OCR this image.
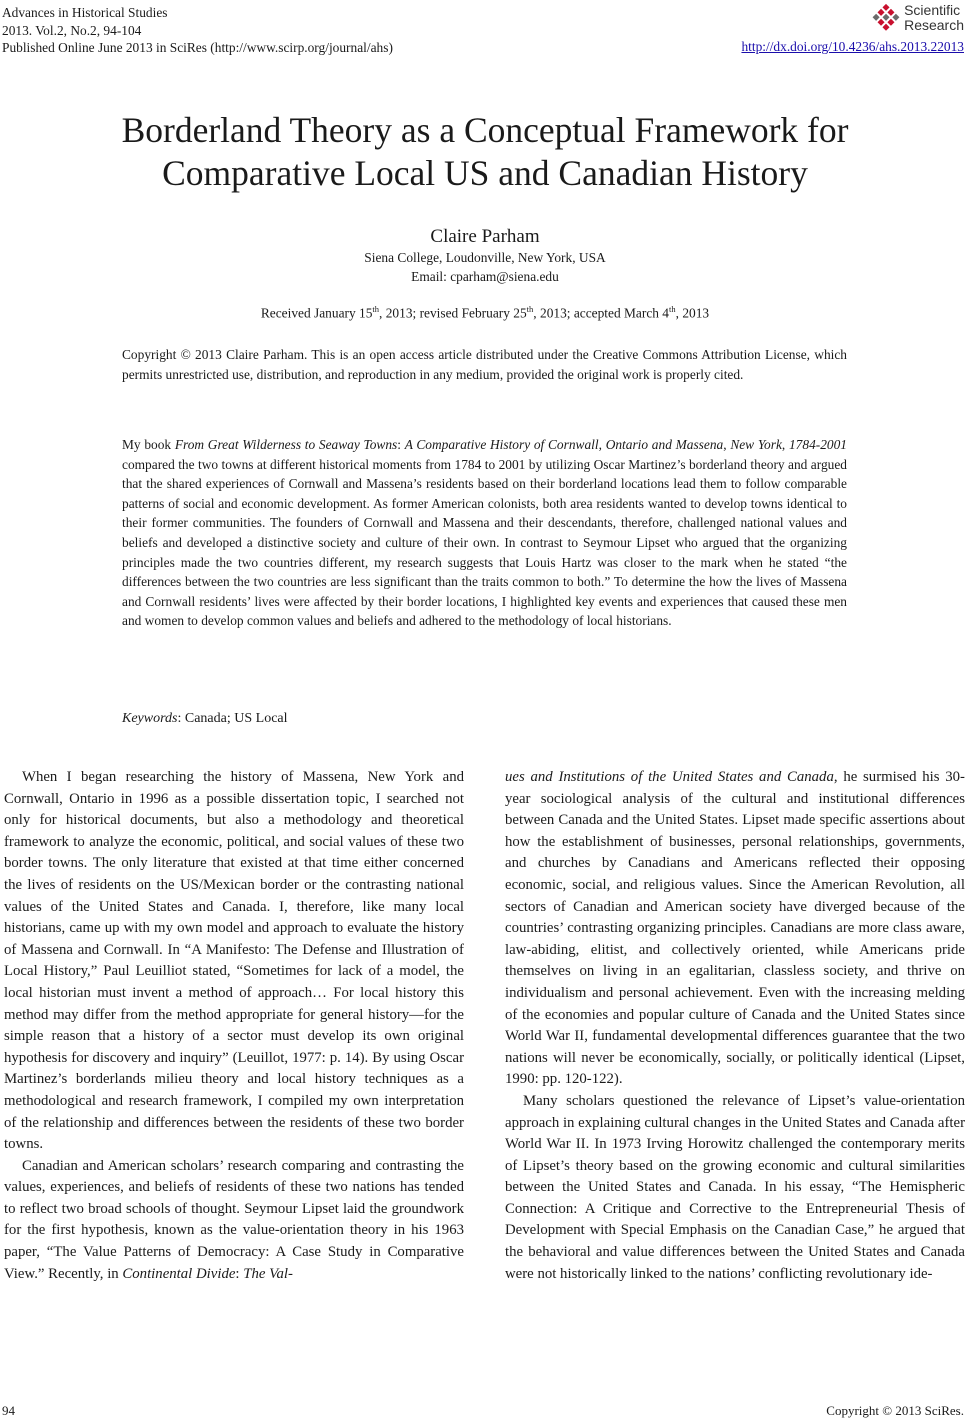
Advances in Historical Studies
2013. Vol.2, No.2, 94-104
Published Online June 2013 in SciRes (http://www.scirp.org/journal/ahs)
Scientific
Research
http://dx.doi.org/10.4236/ahs.2013.22013
Borderland Theory as a Conceptual Framework for
Comparative Local US and Canadian History
Claire Parham
Siena College, Loudonville, New York, USA
Email: cparham@siena.edu
Received January 15th, 2013; revised February 25th, 2013; accepted March 4th, 2013
Copyright © 2013 Claire Parham. This is an open access article distributed under the Creative Commons Attribution License, which permits unrestricted use, distribution, and reproduction in any medium, provided the original work is properly cited.
My book From Great Wilderness to Seaway Towns: A Comparative History of Cornwall, Ontario and Massena, New York, 1784-2001 compared the two towns at different historical moments from 1784 to 2001 by utilizing Oscar Martinez’s borderland theory and argued that the shared experiences of Cornwall and Massena’s residents based on their borderland locations lead them to follow comparable patterns of social and economic development. As former American colonists, both area residents wanted to develop towns identical to their former communities. The founders of Cornwall and Massena and their descendants, therefore, challenged national values and beliefs and developed a distinctive society and culture of their own. In contrast to Seymour Lipset who argued that the organizing principles made the two countries different, my research suggests that Louis Hartz was closer to the mark when he stated “the differences between the two countries are less significant than the traits common to both.” To determine the how the lives of Massena and Cornwall residents’ lives were affected by their border locations, I highlighted key events and experiences that caused these men and women to develop common values and beliefs and adhered to the methodology of local historians.
Keywords: Canada; US Local

When I began researching the history of Massena, New York and Cornwall, Ontario in 1996 as a possible dissertation topic, I searched not only for historical documents, but also a methodology and theoretical framework to analyze the economic, political, and social values of these two border towns. The only literature that existed at that time either concerned the lives of residents on the US/Mexican border or the contrasting national values of the United States and Canada. I, therefore, like many local historians, came up with my own model and approach to evaluate the history of Massena and Cornwall. In “A Manifesto: The Defense and Illustration of Local History,” Paul Leuilliot stated, “Sometimes for lack of a model, the local historian must invent a method of approach… For local history this method may differ from the method appropriate for general history—for the simple reason that a history of a sector must develop its own original hypothesis for discovery and inquiry” (Leuillot, 1977: p. 14). By using Oscar Martinez’s borderlands milieu theory and local history techniques as a methodological and research framework, I compiled my own interpretation of the relationship and differences between the residents of these two border towns.

Canadian and American scholars’ research comparing and contrasting the values, experiences, and beliefs of residents of these two nations has tended to reflect two broad schools of thought. Seymour Lipset laid the groundwork for the first hypothesis, known as the value-orientation theory in his 1963 paper, “The Value Patterns of Democracy: A Case Study in Comparative View.” Recently, in Continental Divide: The Val-

ues and Institutions of the United States and Canada, he surmised his 30-year sociological analysis of the cultural and institutional differences between Canada and the United States. Lipset made specific assertions about how the establishment of businesses, personal relationships, governments, and churches by Canadians and Americans reflected their opposing economic, social, and religious values. Since the American Revolution, all sectors of Canadian and American society have diverged because of the countries’ contrasting organizing principles. Canadians are more class aware, law-abiding, elitist, and collectively oriented, while Americans pride themselves on living in an egalitarian, classless society, and thrive on individualism and personal achievement. Even with the increasing melding of the economies and popular culture of Canada and the United States since World War II, fundamental developmental differences guarantee that the two nations will never be economically, socially, or politically identical (Lipset, 1990: pp. 120-122).

Many scholars questioned the relevance of Lipset’s value-orientation approach in explaining cultural changes in the United States and Canada after World War II. In 1973 Irving Horowitz challenged the contemporary merits of Lipset’s theory based on the growing economic and cultural similarities between the United States and Canada. In his essay, “The Hemispheric Connection: A Critique and Corrective to the Entrepreneurial Thesis of Development with Special Emphasis on the Canadian Case,” he argued that the behavioral and value differences between the United States and Canada were not historically linked to the nations’ conflicting revolutionary ide-

94	Copyright © 2013 SciRes.
